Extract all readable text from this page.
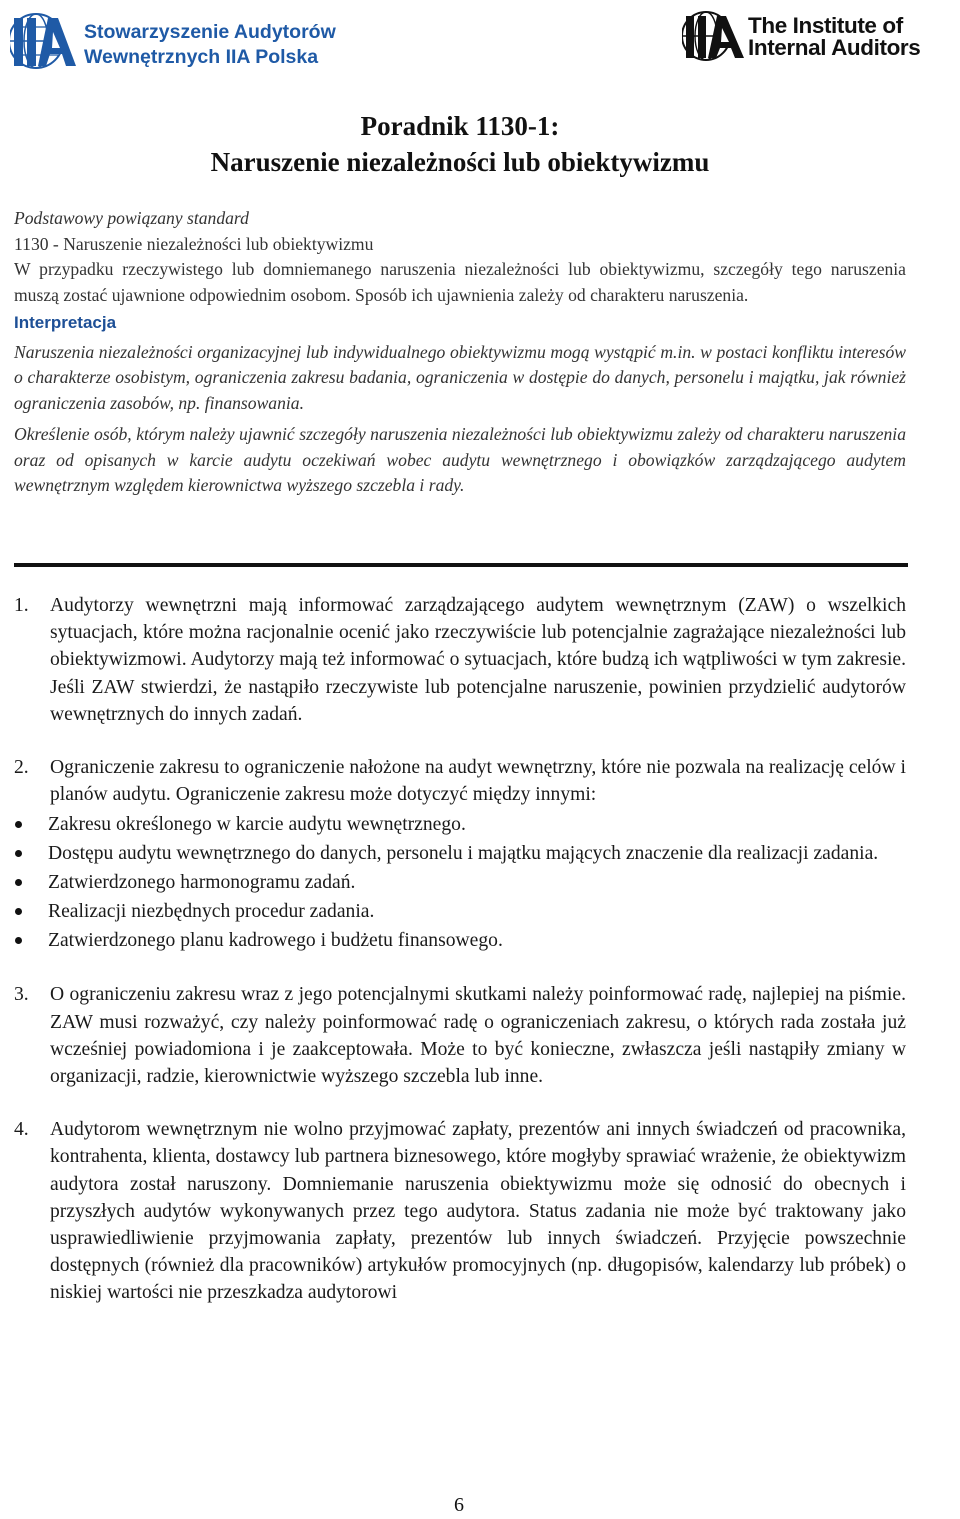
Stowarzyszenie Audytorów
Wewnętrznych IIA Polska
The Institute of
Internal Auditors
Poradnik 1130-1:
Naruszenie niezależności lub obiektywizmu

Podstawowy powiązany standard

1130 - Naruszenie niezależności lub obiektywizmu

W przypadku rzeczywistego lub domniemanego naruszenia niezależności lub obiektywizmu, szczegóły tego naruszenia muszą zostać ujawnione odpowiednim osobom. Sposób ich ujawnienia zależy od charakteru naruszenia.

Interpretacja

Naruszenia niezależności organizacyjnej lub indywidualnego obiektywizmu mogą wystąpić m.in. w postaci konfliktu interesów o charakterze osobistym, ograniczenia zakresu badania, ograniczenia w dostępie do danych, personelu i majątku, jak również ograniczenia zasobów, np. finansowania.

Określenie osób, którym należy ujawnić szczegóły naruszenia niezależności lub obiektywizmu zależy od charakteru naruszenia oraz od opisanych w karcie audytu oczekiwań wobec audytu wewnętrznego i obowiązków zarządzającego audytem wewnętrznym względem kierownictwa wyższego szczebla i rady.

1. Audytorzy wewnętrzni mają informować zarządzającego audytem wewnętrznym (ZAW) o wszelkich sytuacjach, które można racjonalnie ocenić jako rzeczywiście lub potencjalnie zagrażające niezależności lub obiektywizmowi. Audytorzy mają też informować o sytuacjach, które budzą ich wątpliwości w tym zakresie. Jeśli ZAW stwierdzi, że nastąpiło rzeczywiste lub potencjalne naruszenie, powinien przydzielić audytorów wewnętrznych do innych zadań.

2. Ograniczenie zakresu to ograniczenie nałożone na audyt wewnętrzny, które nie pozwala na realizację celów i planów audytu. Ograniczenie zakresu może dotyczyć między innymi:

Zakresu określonego w karcie audytu wewnętrznego.
Dostępu audytu wewnętrznego do danych, personelu i majątku mających znaczenie dla realizacji zadania.
Zatwierdzonego harmonogramu zadań.
Realizacji niezbędnych procedur zadania.
Zatwierdzonego planu kadrowego i budżetu finansowego.
3. O ograniczeniu zakresu wraz z jego potencjalnymi skutkami należy poinformować radę, najlepiej na piśmie. ZAW musi rozważyć, czy należy poinformować radę o ograniczeniach zakresu, o których rada została już wcześniej powiadomiona i je zaakceptowała. Może to być konieczne, zwłaszcza jeśli nastąpiły zmiany w organizacji, radzie, kierownictwie wyższego szczebla lub inne.

4. Audytorom wewnętrznym nie wolno przyjmować zapłaty, prezentów ani innych świadczeń od pracownika, kontrahenta, klienta, dostawcy lub partnera biznesowego, które mogłyby sprawiać wrażenie, że obiektywizm audytora został naruszony. Domniemanie naruszenia obiektywizmu może się odnosić do obecnych i przyszłych audytów wykonywanych przez tego audytora. Status zadania nie może być traktowany jako usprawiedliwienie przyjmowania zapłaty, prezentów lub innych świadczeń. Przyjęcie powszechnie dostępnych (również dla pracowników) artykułów promocyjnych (np. długopisów, kalendarzy lub próbek) o niskiej wartości nie przeszkadza audytorowi

6
